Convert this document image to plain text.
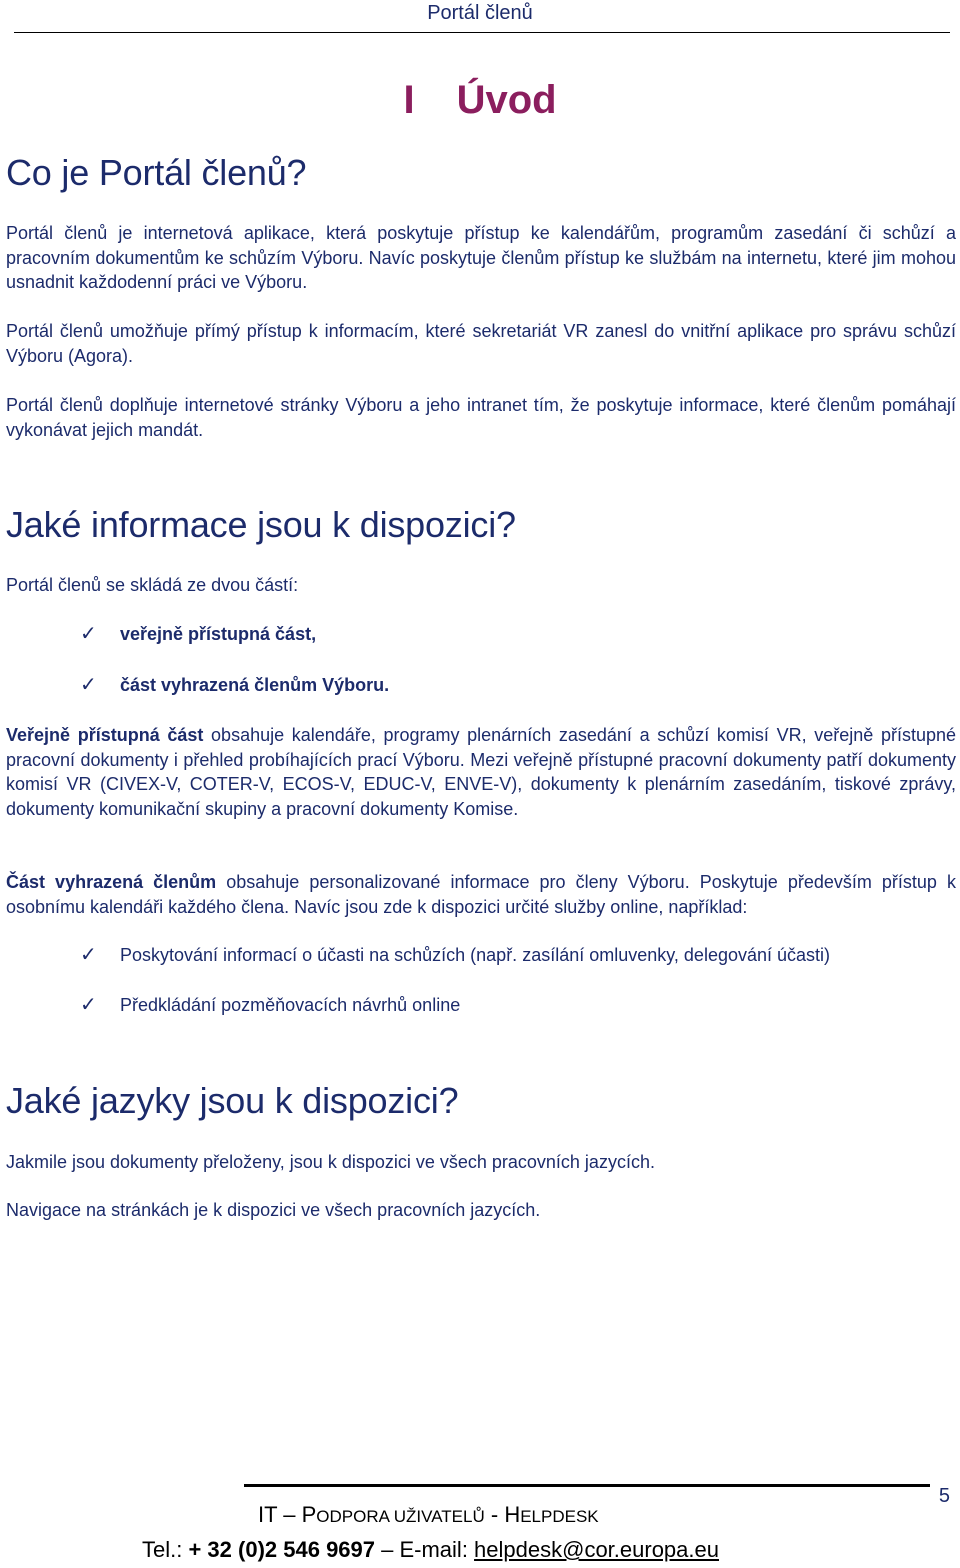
Portál členů
I Úvod
Co je Portál členů?
Portál členů je internetová aplikace, která poskytuje přístup ke kalendářům, programům zasedání či schůzí a pracovním dokumentům ke schůzím Výboru. Navíc poskytuje členům přístup ke službám na internetu, které jim mohou usnadnit každodenní práci ve Výboru.
Portál členů umožňuje přímý přístup k informacím, které sekretariát VR zanesl do vnitřní aplikace pro správu schůzí Výboru (Agora).
Portál členů doplňuje internetové stránky Výboru a jeho intranet tím, že poskytuje informace, které členům pomáhají vykonávat jejich mandát.
Jaké informace jsou k dispozici?
Portál členů se skládá ze dvou částí:
✓ veřejně přístupná část,
✓ část vyhrazená členům Výboru.
Veřejně přístupná část obsahuje kalendáře, programy plenárních zasedání a schůzí komisí VR, veřejně přístupné pracovní dokumenty i přehled probíhajících prací Výboru. Mezi veřejně přístupné pracovní dokumenty patří dokumenty komisí VR (CIVEX-V, COTER-V, ECOS-V, EDUC-V, ENVE-V), dokumenty k plenárním zasedáním, tiskové zprávy, dokumenty komunikační skupiny a pracovní dokumenty Komise.
Část vyhrazená členům obsahuje personalizované informace pro členy Výboru. Poskytuje především přístup k osobnímu kalendáři každého člena. Navíc jsou zde k dispozici určité služby online, například:
✓ Poskytování informací o účasti na schůzích (např. zasílání omluvenky, delegování účasti)
✓ Předkládání pozměňovacích návrhů online
Jaké jazyky jsou k dispozici?
Jakmile jsou dokumenty přeloženy, jsou k dispozici ve všech pracovních jazycích.
Navigace na stránkách je k dispozici ve všech pracovních jazycích.
5
IT – PODPORA UŽIVATELŮ - HELPDESK
Tel.: + 32 (0)2 546 9697 – E-mail: helpdesk@cor.europa.eu
